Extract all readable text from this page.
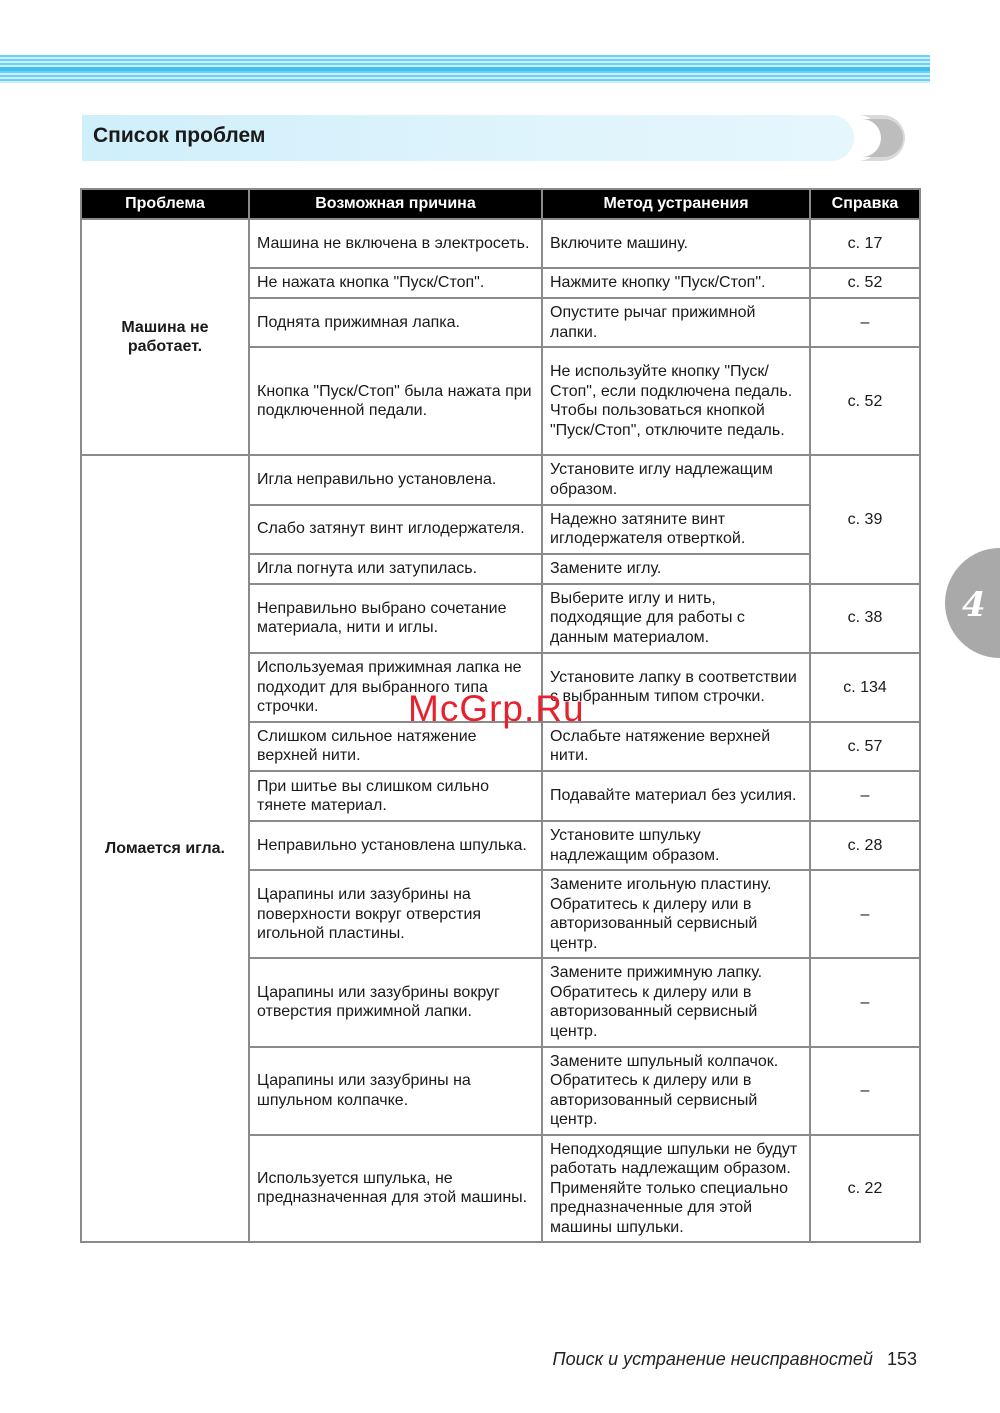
Список проблем
Проблема	Возможная причина	Метод устранения	Справка
Машина не работает.	Машина не включена в электросеть.	Включите машину.	с. 17
	Не нажата кнопка "Пуск/Стоп".	Нажмите кнопку "Пуск/Стоп".	с. 52
	Поднята прижимная лапка.	Опустите рычаг прижимной лапки.	–
	Кнопка "Пуск/Стоп" была нажата при подключенной педали.	Не используйте кнопку "Пуск/Стоп", если подключена педаль. Чтобы пользоваться кнопкой "Пуск/Стоп", отключите педаль.	с. 52
Ломается игла.	Игла неправильно установлена.	Установите иглу надлежащим образом.	с. 39
	Слабо затянут винт иглодержателя.	Надежно затяните винт иглодержателя отверткой.	
	Игла погнута или затупилась.	Замените иглу.	
	Неправильно выбрано сочетание материала, нити и иглы.	Выберите иглу и нить, подходящие для работы с данным материалом.	с. 38
	Используемая прижимная лапка не подходит для выбранного типа строчки.	Установите лапку в соответствии с выбранным типом строчки.	с. 134
	Слишком сильное натяжение верхней нити.	Ослабьте натяжение верхней нити.	с. 57
	При шитье вы слишком сильно тянете материал.	Подавайте материал без усилия.	–
	Неправильно установлена шпулька.	Установите шпульку надлежащим образом.	с. 28
	Царапины или зазубрины на поверхности вокруг отверстия игольной пластины.	Замените игольную пластину. Обратитесь к дилеру или в авторизованный сервисный центр.	–
	Царапины или зазубрины вокруг отверстия прижимной лапки.	Замените прижимную лапку. Обратитесь к дилеру или в авторизованный сервисный центр.	–
	Царапины или зазубрины на шпульном колпачке.	Замените шпульный колпачок. Обратитесь к дилеру или в авторизованный сервисный центр.	–
	Используется шпулька, не предназначенная для этой машины.	Неподходящие шпульки не будут работать надлежащим образом. Применяйте только специально предназначенные для этой машины шпульки.	с. 22
4
McGrp.Ru
Поиск и устранение неисправностей 153
